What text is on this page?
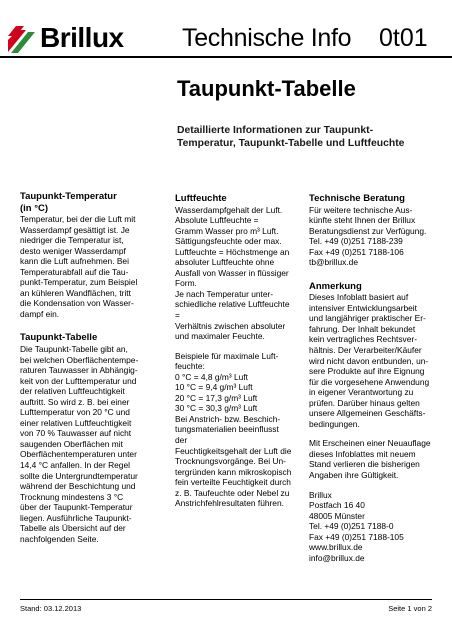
Brillux Technische Info 0t01
Taupunkt-Tabelle
Detaillierte Informationen zur Taupunkt-
Temperatur, Taupunkt-Tabelle und Luftfeuchte
Taupunkt-Temperatur
(in °C)
Temperatur, bei der die Luft mit
Wasserdampf gesättigt ist. Je
niedriger die Temperatur ist,
desto weniger Wasserdampf
kann die Luft aufnehmen. Bei
Temperaturabfall auf die Tau-
punkt-Temperatur, zum Beispiel
an kühleren Wandflächen, tritt
die Kondensation von Wasser-
dampf ein.
Taupunkt-Tabelle
Die Taupunkt-Tabelle gibt an,
bei welchen Oberflächentempe-
raturen Tauwasser in Abhängig-
keit von der Lufttemperatur und
der relativen Luftfeuchtigkeit
auftritt. So wird z. B. bei einer
Lufttemperatur von 20 °C und
einer relativen Luftfeuchtigkeit
von 70 % Tauwasser auf nicht
saugenden Oberflächen mit
Oberflächentemperaturen unter
14,4 °C anfallen. In der Regel
sollte die Untergrundtemperatur
während der Beschichtung und
Trocknung mindestens 3 °C
über der Taupunkt-Temperatur
liegen. Ausführliche Taupunkt-
Tabelle als Übersicht auf der
nachfolgenden Seite.
Luftfeuchte
Wasserdampfgehalt der Luft.
Absolute Luftfeuchte =
Gramm Wasser pro m³ Luft.
Sättigungsfeuchte oder max.
Luftfeuchte = Höchstmenge an
absoluter Luftfeuchte ohne
Ausfall von Wasser in flüssiger
Form.
Je nach Temperatur unter-
schiedliche relative Luftfeuchte =
Verhältnis zwischen absoluter
und maximaler Feuchte.
Beispiele für maximale Luft-
feuchte:
0 °C = 4,8 g/m³ Luft
10 °C = 9,4 g/m³ Luft
20 °C = 17,3 g/m³ Luft
30 °C = 30,3 g/m³ Luft
Bei Anstrich- bzw. Beschich-
tungsmaterialien beeinflusst der
Feuchtigkeitsgehalt der Luft die
Trocknungsvorgänge. Bei Un-
tergründen kann mikroskopisch
fein verteilte Feuchtigkeit durch
z. B. Taufeuchte oder Nebel zu
Anstrichfehlresultaten führen.
Technische Beratung
Für weitere technische Aus-
künfte steht Ihnen der Brillux
Beratungsdienst zur Verfügung.
Tel. +49 (0)251 7188-239
Fax +49 (0)251 7188-106
tb@brillux.de
Anmerkung
Dieses Infoblatt basiert auf
intensiver Entwicklungsarbeit
und langjähriger praktischer Er-
fahrung. Der Inhalt bekundet
kein vertragliches Rechtsver-
hältnis. Der Verarbeiter/Käufer
wird nicht davon entbunden, un-
sere Produkte auf ihre Eignung
für die vorgesehene Anwendung
in eigener Verantwortung zu
prüfen. Darüber hinaus gelten
unsere Allgemeinen Geschäfts-
bedingungen.
Mit Erscheinen einer Neuauflage
dieses Infoblattes mit neuem
Stand verlieren die bisherigen
Angaben ihre Gültigkeit.
Brillux
Postfach 16 40
48005 Münster
Tel. +49 (0)251 7188-0
Fax +49 (0)251 7188-105
www.brillux.de
info@brillux.de
Stand: 03.12.2013	Seite 1 von 2
